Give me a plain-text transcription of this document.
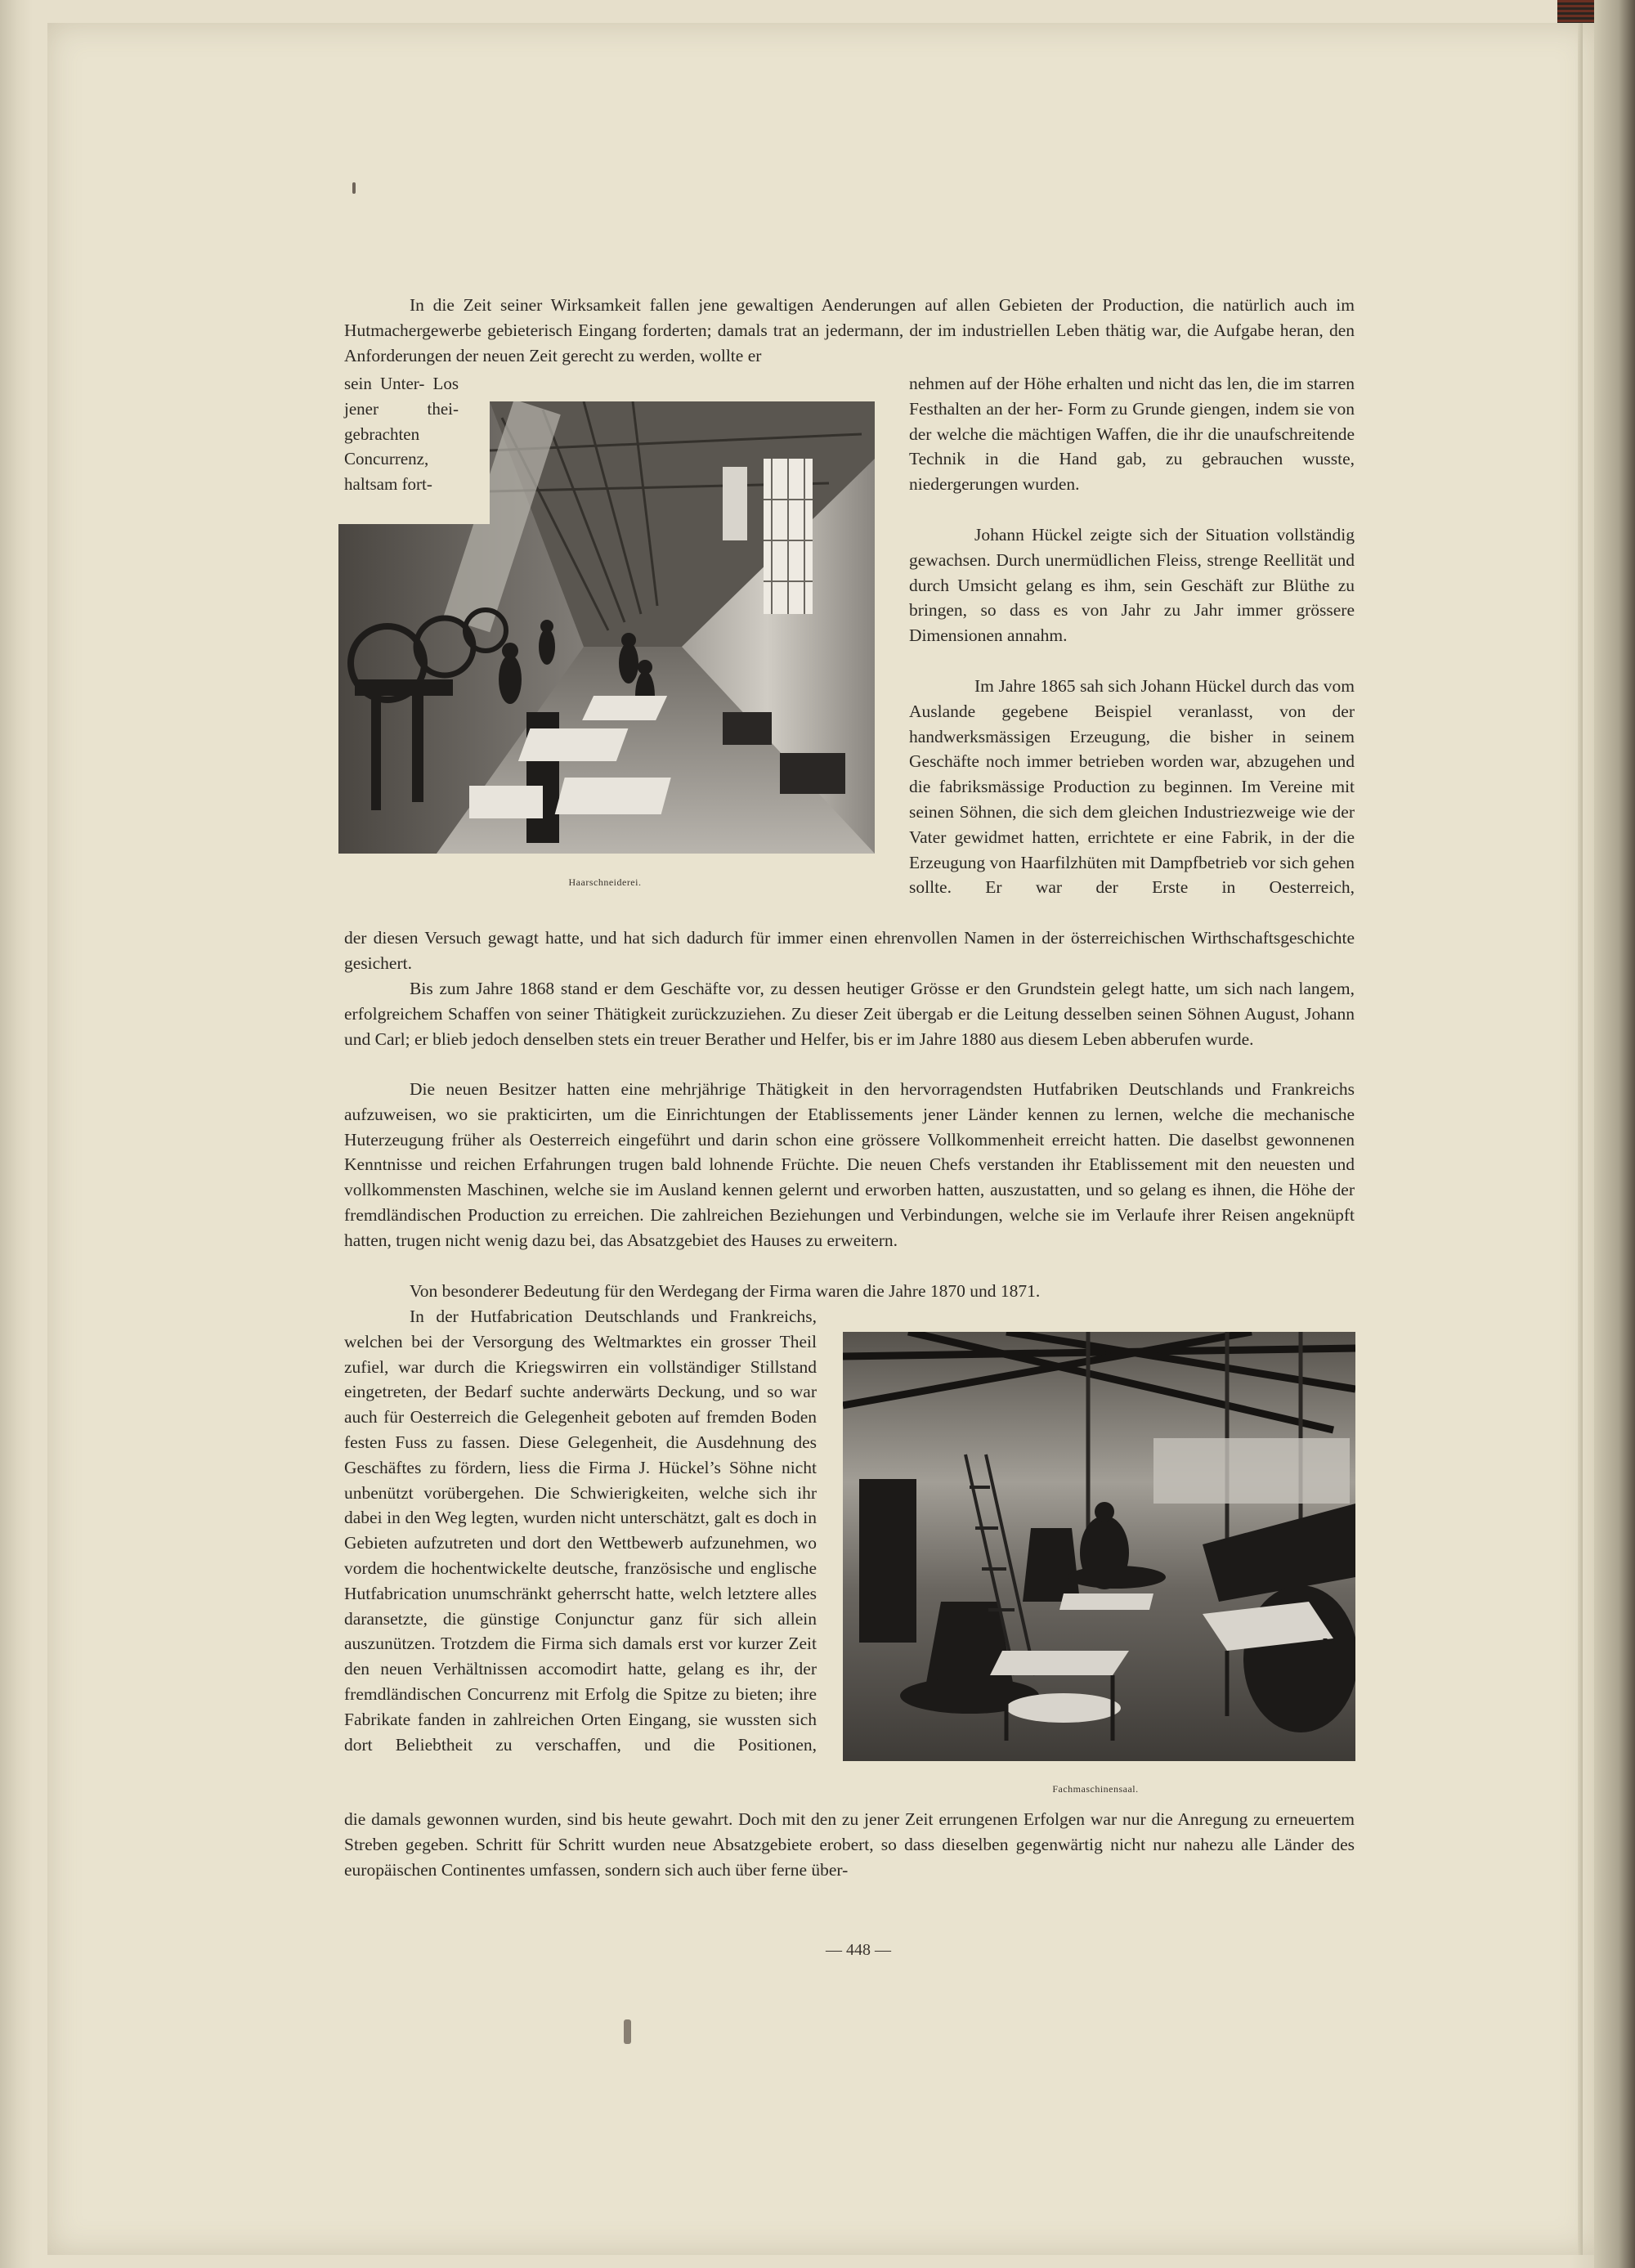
In die Zeit seiner Wirksamkeit fallen jene gewaltigen Aenderungen auf allen Gebieten der Production, die natürlich auch im Hutmachergewerbe gebieterisch Eingang forderten; damals trat an jedermann, der im industriellen Leben thätig war, die Aufgabe heran, den Anforderungen der neuen Zeit gerecht zu werden, wollte er

sein Unter- Los jener thei- gebrachten Concurrenz, haltsam fort-

nehmen auf der Höhe erhalten und nicht das len, die im starren Festhalten an der her- Form zu Grunde giengen, indem sie von der welche die mächtigen Waffen, die ihr die unaufschreitende Technik in die Hand gab, zu gebrauchen wusste, niedergerungen wurden.

Johann Hückel zeigte sich der Situation vollständig gewachsen. Durch unermüdlichen Fleiss, strenge Reellität und durch Umsicht gelang es ihm, sein Geschäft zur Blüthe zu bringen, so dass es von Jahr zu Jahr immer grössere Dimensionen annahm.

Im Jahre 1865 sah sich Johann Hückel durch das vom Auslande gegebene Beispiel veranlasst, von der handwerksmässigen Erzeugung, die bisher in seinem Geschäfte noch immer betrieben worden war, abzugehen und die fabriksmässige Production zu beginnen. Im Vereine mit seinen Söhnen, die sich dem gleichen Industriezweige wie der Vater gewidmet hatten, errichtete er eine Fabrik, in der die Erzeugung von Haarfilzhüten mit Dampfbetrieb vor sich gehen sollte. Er war der Erste in Oesterreich,

der diesen Versuch gewagt hatte, und hat sich dadurch für immer einen ehrenvollen Namen in der österreichischen Wirthschaftsgeschichte gesichert.

Bis zum Jahre 1868 stand er dem Geschäfte vor, zu dessen heutiger Grösse er den Grundstein gelegt hatte, um sich nach langem, erfolgreichem Schaffen von seiner Thätigkeit zurückzuziehen. Zu dieser Zeit übergab er die Leitung desselben seinen Söhnen August, Johann und Carl; er blieb jedoch denselben stets ein treuer Berather und Helfer, bis er im Jahre 1880 aus diesem Leben abberufen wurde.

Die neuen Besitzer hatten eine mehrjährige Thätigkeit in den hervorragendsten Hutfabriken Deutschlands und Frankreichs aufzuweisen, wo sie prakticirten, um die Einrichtungen der Etablissements jener Länder kennen zu lernen, welche die mechanische Huterzeugung früher als Oesterreich eingeführt und darin schon eine grössere Vollkommenheit erreicht hatten. Die daselbst gewonnenen Kenntnisse und reichen Erfahrungen trugen bald lohnende Früchte. Die neuen Chefs verstanden ihr Etablissement mit den neuesten und vollkommensten Maschinen, welche sie im Ausland kennen gelernt und erworben hatten, auszustatten, und so gelang es ihnen, die Höhe der fremdländischen Production zu erreichen. Die zahlreichen Beziehungen und Verbindungen, welche sie im Verlaufe ihrer Reisen angeknüpft hatten, trugen nicht wenig dazu bei, das Absatzgebiet des Hauses zu erweitern.

Von besonderer Bedeutung für den Werdegang der Firma waren die Jahre 1870 und 1871.

In der Hutfabrication Deutschlands und Frankreichs, welchen bei der Versorgung des Weltmarktes ein grosser Theil zufiel, war durch die Kriegswirren ein vollständiger Stillstand eingetreten, der Bedarf suchte anderwärts Deckung, und so war auch für Oesterreich die Gelegenheit geboten auf fremden Boden festen Fuss zu fassen. Diese Gelegenheit, die Ausdehnung des Geschäftes zu fördern, liess die Firma J. Hückel’s Söhne nicht unbenützt vorübergehen. Die Schwierigkeiten, welche sich ihr dabei in den Weg legten, wurden nicht unterschätzt, galt es doch in Gebieten aufzutreten und dort den Wettbewerb aufzunehmen, wo vordem die hochentwickelte deutsche, französische und englische Hutfabrication unumschränkt geherrscht hatte, welch letztere alles daransetzte, die günstige Conjunctur ganz für sich allein auszunützen. Trotzdem die Firma sich damals erst vor kurzer Zeit den neuen Verhältnissen accomodirt hatte, gelang es ihr, der fremdländischen Concurrenz mit Erfolg die Spitze zu bieten; ihre Fabrikate fanden in zahlreichen Orten Eingang, sie wussten sich dort Beliebtheit zu verschaffen, und die Positionen,

die damals gewonnen wurden, sind bis heute gewahrt. Doch mit den zu jener Zeit errungenen Erfolgen war nur die Anregung zu erneuertem Streben gegeben. Schritt für Schritt wurden neue Absatzgebiete erobert, so dass dieselben gegenwärtig nicht nur nahezu alle Länder des europäischen Continentes umfassen, sondern sich auch über ferne über-

Haarschneiderei.

Fachmaschinensaal.

— 448 —
